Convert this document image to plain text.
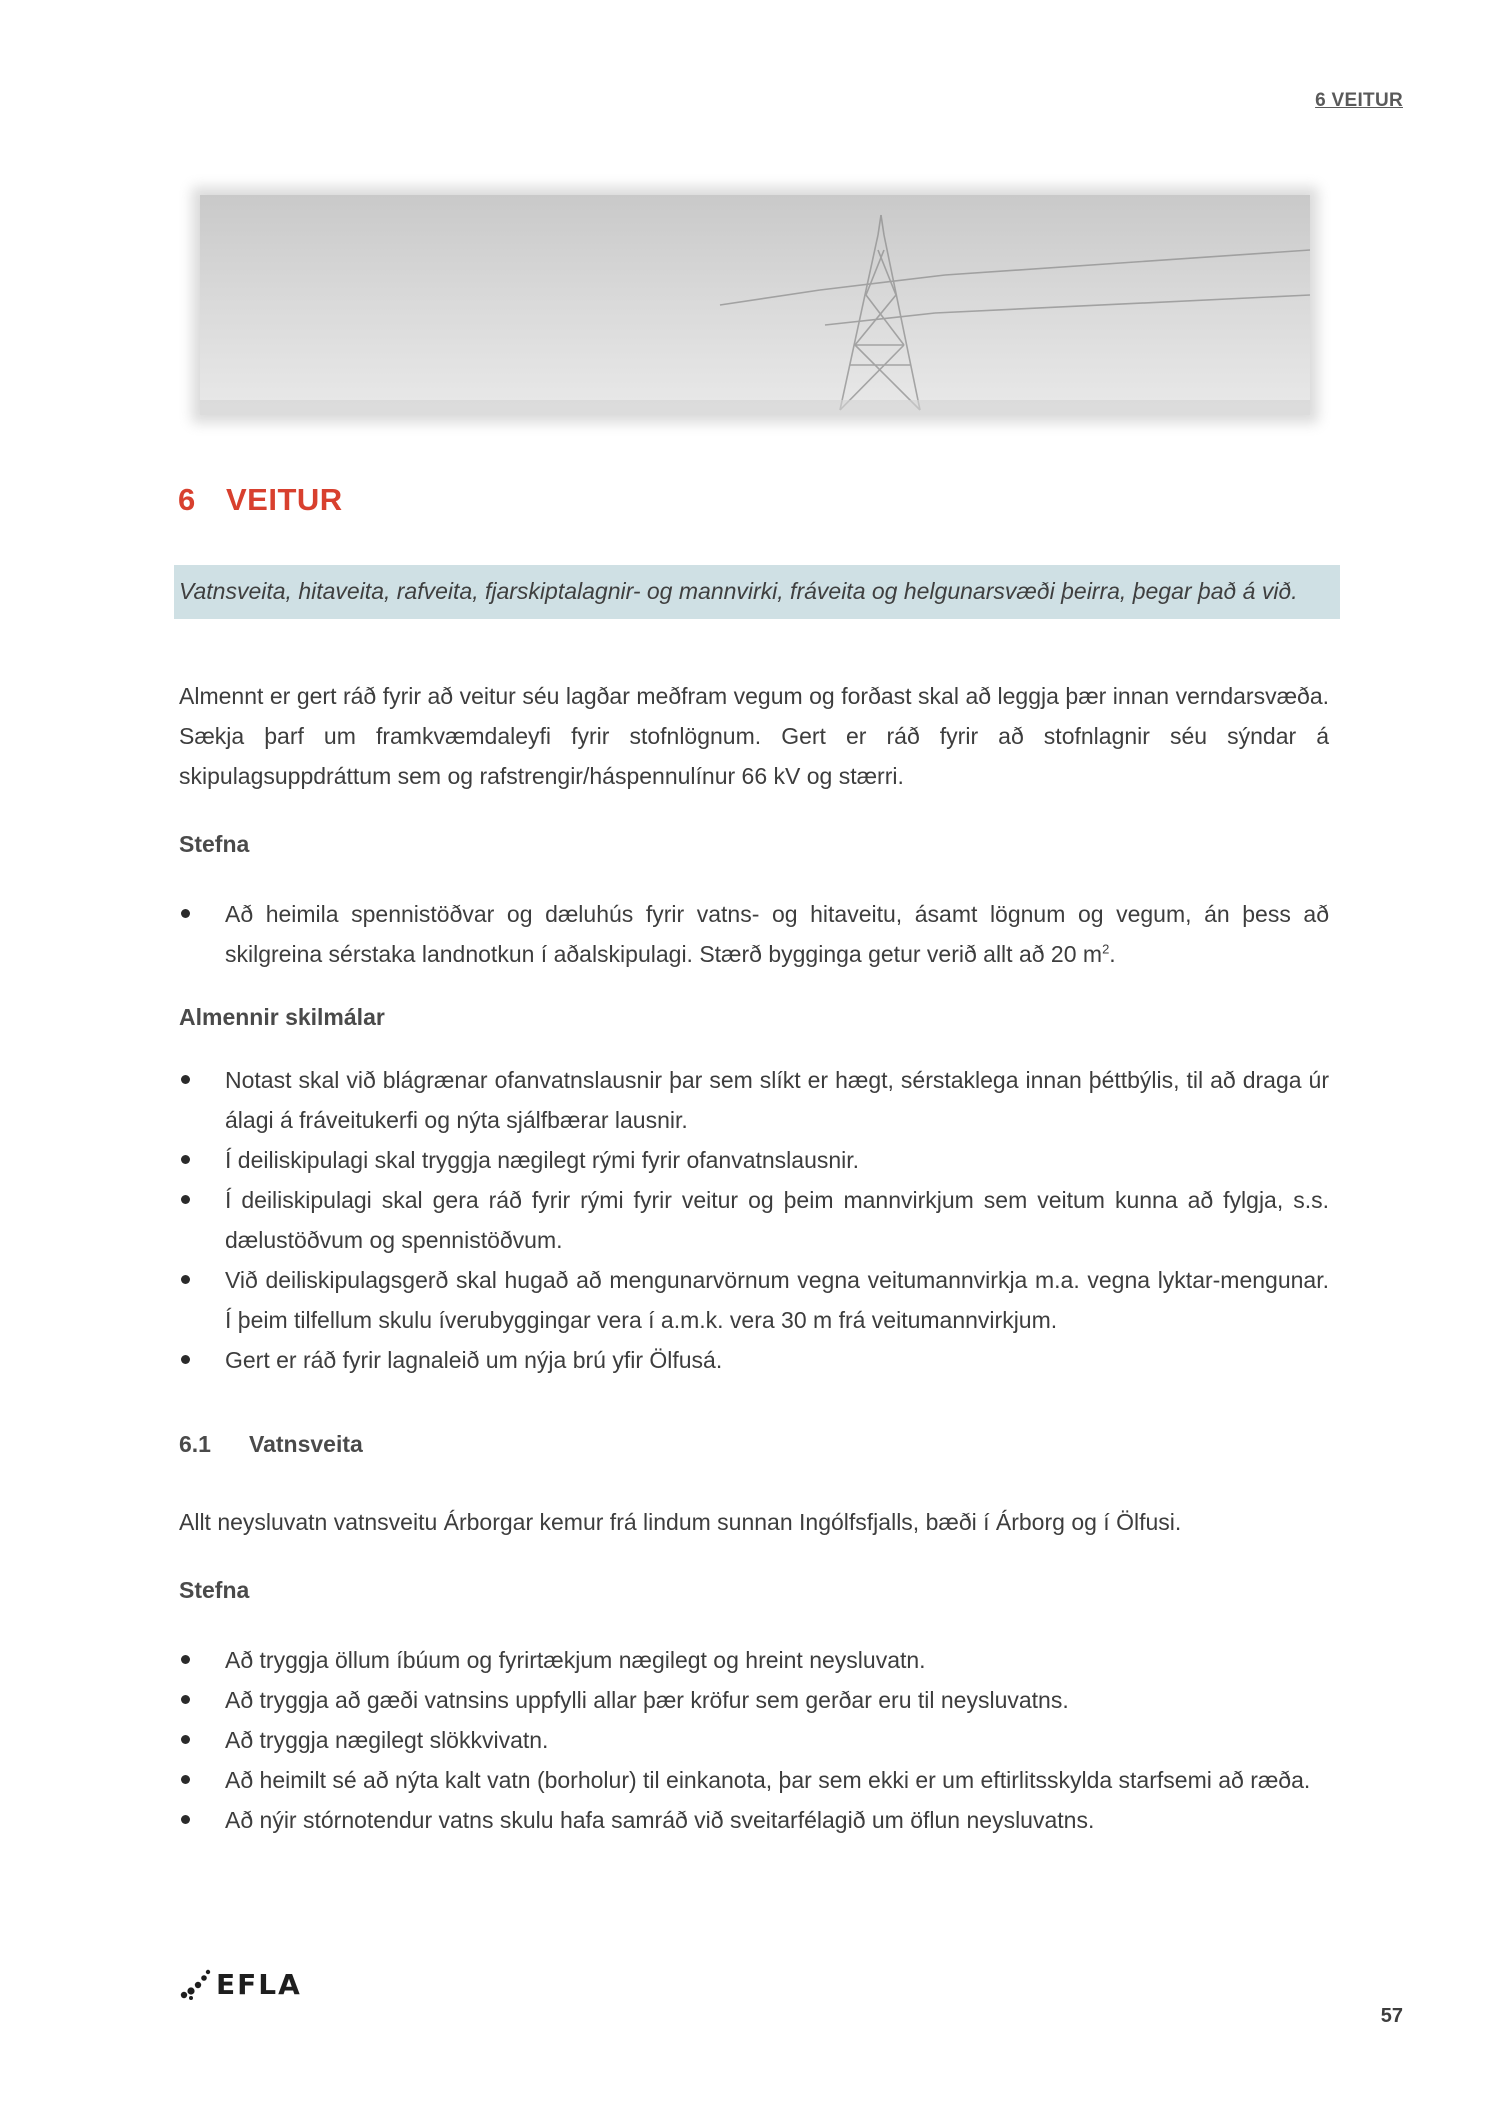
6 VEITUR
6 VEITUR
Vatnsveita, hitaveita, rafveita, fjarskiptalagnir- og mannvirki, fráveita og helgunarsvæði þeirra, þegar það á við.

Almennt er gert ráð fyrir að veitur séu lagðar meðfram vegum og forðast skal að leggja þær innan verndarsvæða. Sækja þarf um framkvæmdaleyfi fyrir stofnlögnum. Gert er ráð fyrir að stofnlagnir séu sýndar á skipulagsuppdráttum sem og rafstrengir/háspennulínur 66 kV og stærri.

Stefna

Að heimila spennistöðvar og dæluhús fyrir vatns- og hitaveitu, ásamt lögnum og vegum, án þess að skilgreina sérstaka landnotkun í aðalskipulagi. Stærð bygginga getur verið allt að 20 $m^2$.

Almennir skilmálar

Notast skal við blágrænar ofanvatnslausnir þar sem slíkt er hægt, sérstaklega innan þéttbýlis, til að draga úr álagi á fráveitukerfi og nýta sjálfbærar lausnir.
Í deiliskipulagi skal tryggja nægilegt rými fyrir ofanvatnslausnir.
Í deiliskipulagi skal gera ráð fyrir rými fyrir veitur og þeim mannvirkjum sem veitum kunna að fylgja, s.s. dælustöðvum og spennistöðvum.
Við deiliskipulagsgerð skal hugað að mengunarvörnum vegna veitumannvirkja m.a. vegna lyktar-mengunar. Í þeim tilfellum skulu íverubyggingar vera í a.m.k. vera 30 m frá veitumannvirkjum.
Gert er ráð fyrir lagnaleið um nýja brú yfir Ölfusá.

6.1 Vatnsveita

Allt neysluvatn vatnsveitu Árborgar kemur frá lindum sunnan Ingólfsfjalls, bæði í Árborg og í Ölfusi.

Stefna

Að tryggja öllum íbúum og fyrirtækjum nægilegt og hreint neysluvatn.
Að tryggja að gæði vatnsins uppfylli allar þær kröfur sem gerðar eru til neysluvatns.
Að tryggja nægilegt slökkvivatn.
Að heimilt sé að nýta kalt vatn (borholur) til einkanota, þar sem ekki er um eftirlitsskylda starfsemi að ræða.
Að nýir stórnotendur vatns skulu hafa samráð við sveitarfélagið um öflun neysluvatns.
EFLA
57
